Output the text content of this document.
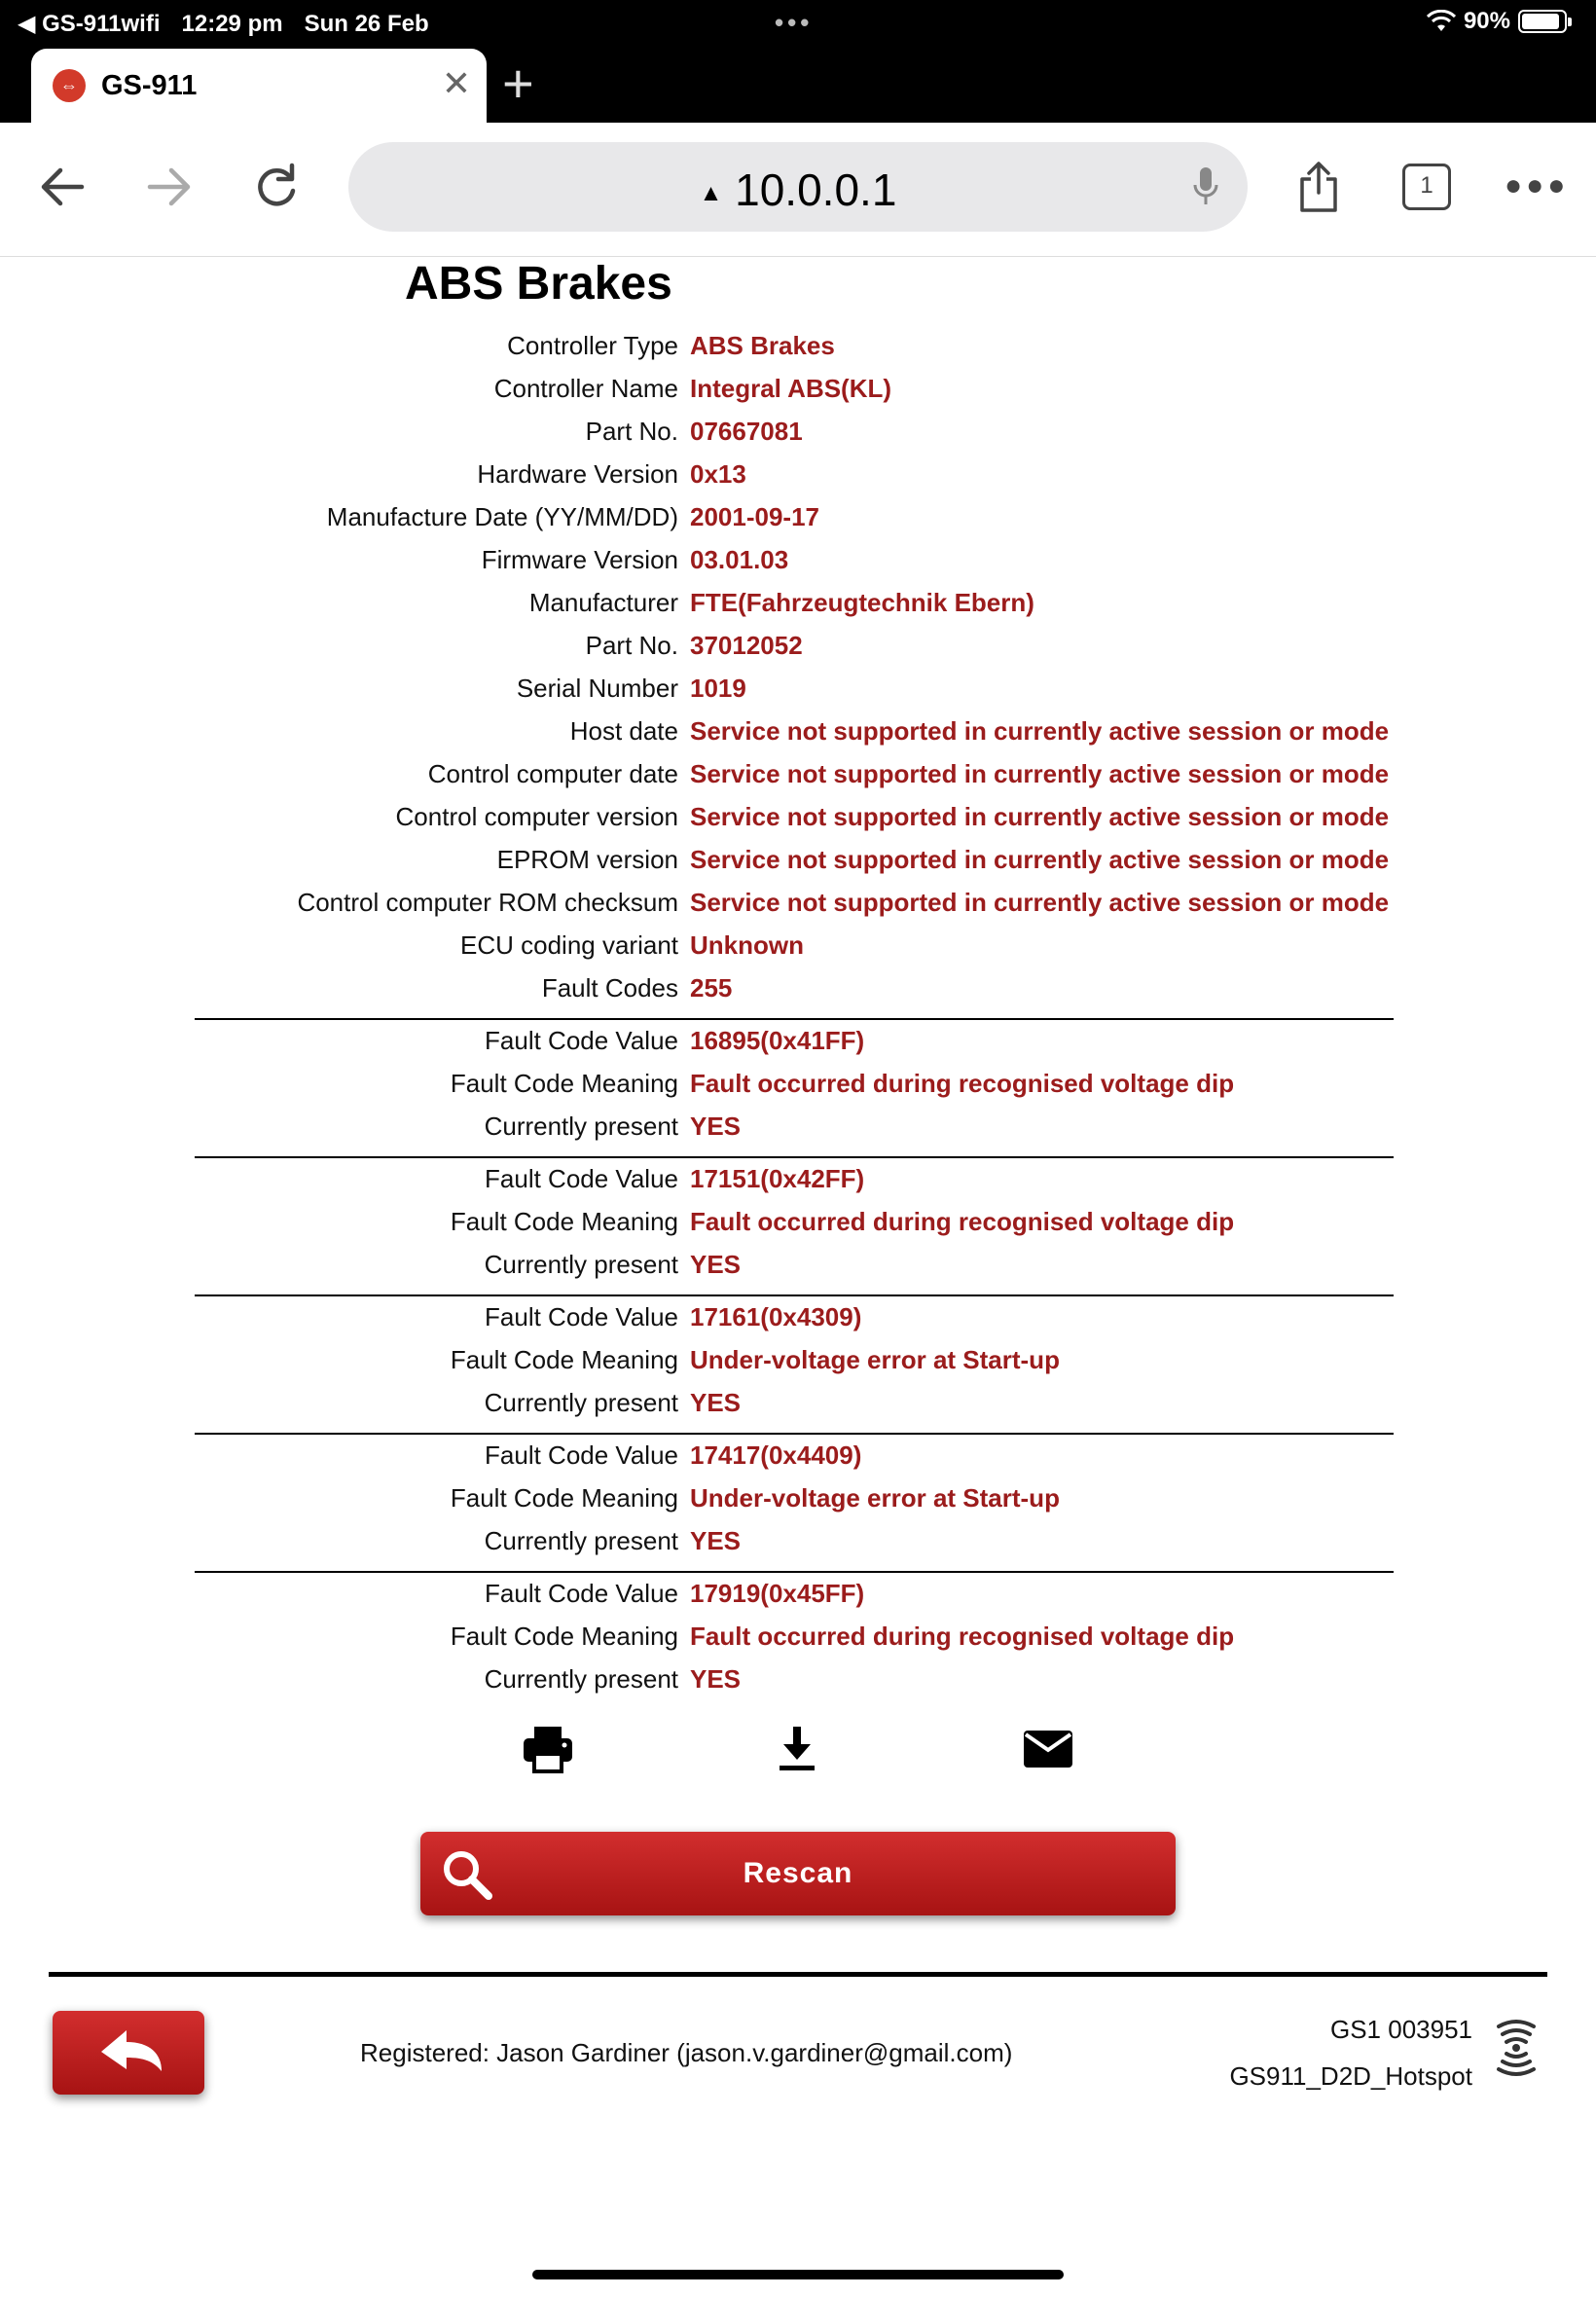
◀ GS-911wifi 12:29 pm Sun 26 Feb	•••	90%
⇔ GS-911	✕ +
▲ 10.0.0.1	1	●●●
ABS Brakes
Controller Type ABS Brakes
Controller Name Integral ABS(KL)
Part No. 07667081
Hardware Version 0x13
Manufacture Date (YY/MM/DD) 2001-09-17
Firmware Version 03.01.03
Manufacturer FTE(Fahrzeugtechnik Ebern)
Part No. 37012052
Serial Number 1019
Host date Service not supported in currently active session or mode
Control computer date Service not supported in currently active session or mode
Control computer version Service not supported in currently active session or mode
EPROM version Service not supported in currently active session or mode
Control computer ROM checksum Service not supported in currently active session or mode
ECU coding variant Unknown
Fault Codes 255
Fault Code Value 16895(0x41FF)
Fault Code Meaning Fault occurred during recognised voltage dip
Currently present YES
Fault Code Value 17151(0x42FF)
Fault Code Meaning Fault occurred during recognised voltage dip
Currently present YES
Fault Code Value 17161(0x4309)
Fault Code Meaning Under-voltage error at Start-up
Currently present YES
Fault Code Value 17417(0x4409)
Fault Code Meaning Under-voltage error at Start-up
Currently present YES
Fault Code Value 17919(0x45FF)
Fault Code Meaning Fault occurred during recognised voltage dip
Currently present YES
Rescan
Registered: Jason Gardiner (jason.v.gardiner@gmail.com)
GS1 003951
GS911_D2D_Hotspot
